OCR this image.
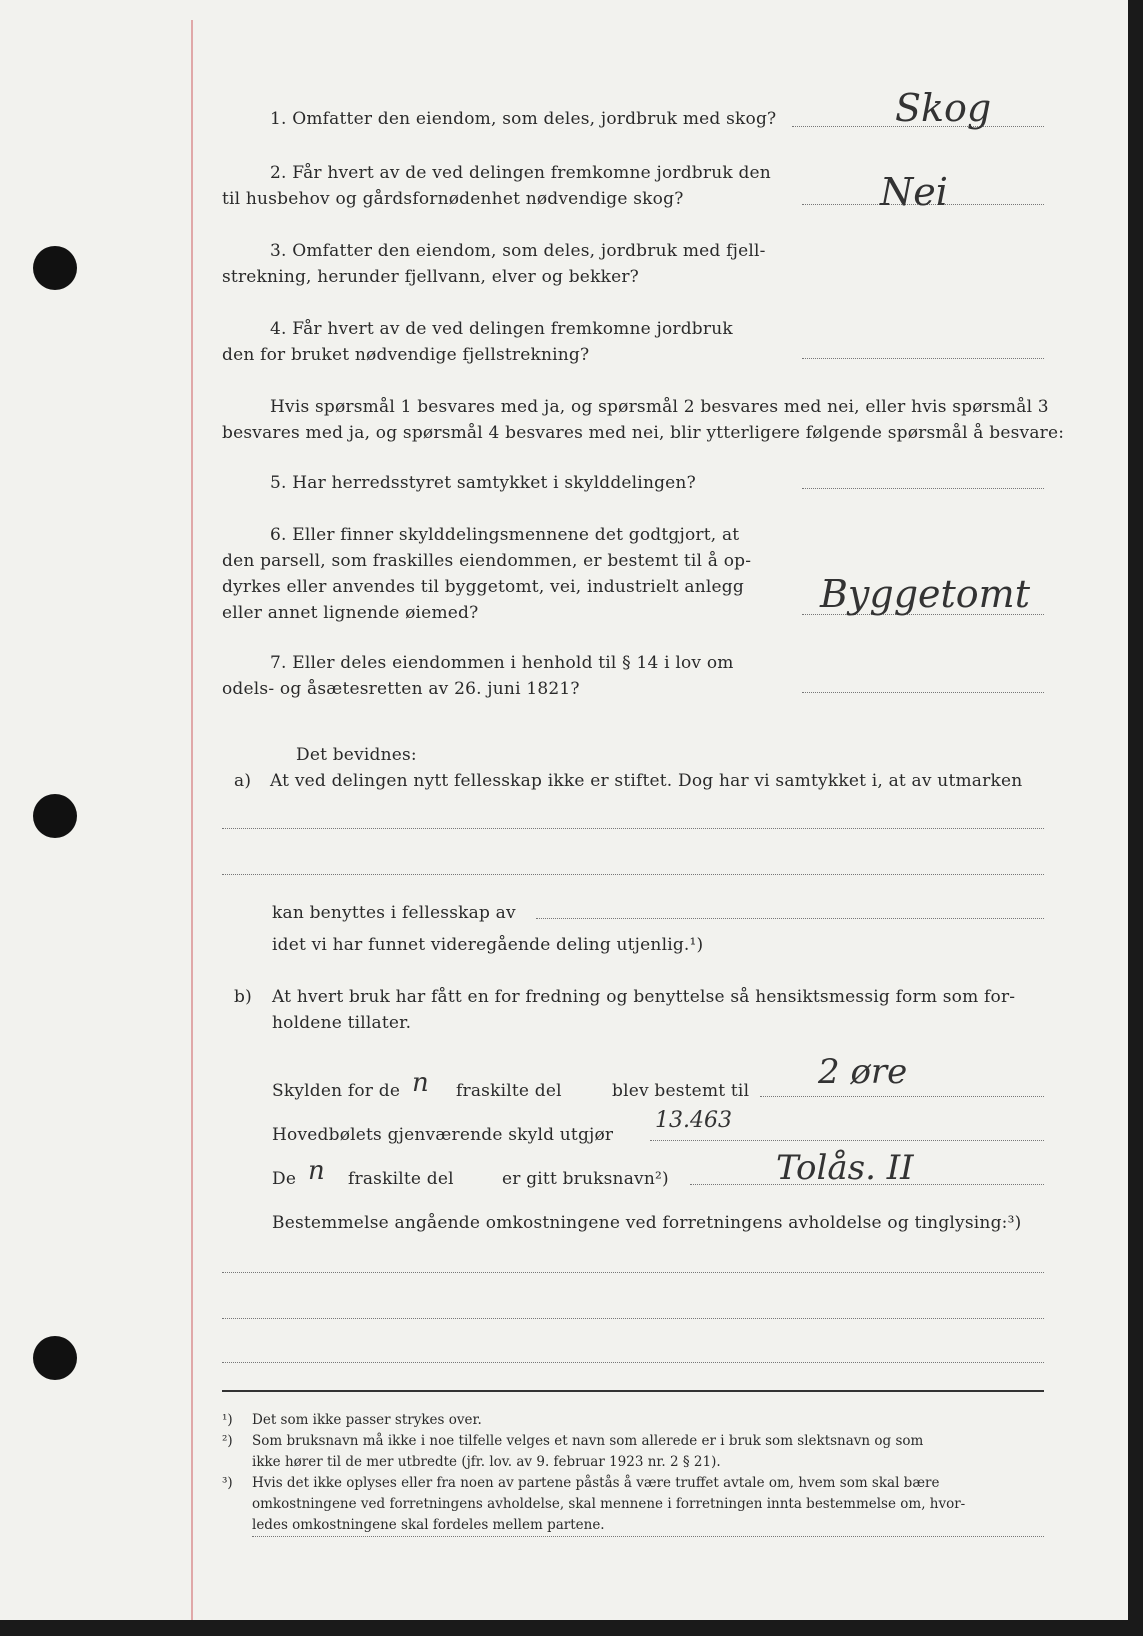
1. Omfatter den eiendom, som deles, jordbruk med skog?	Skog
2. Får hvert av de ved delingen fremkomne jordbruk den
til husbehov og gårdsfornødenhet nødvendige skog?	Nei
3. Omfatter den eiendom, som deles, jordbruk med fjell-
strekning, herunder fjellvann, elver og bekker?
4. Får hvert av de ved delingen fremkomne jordbruk
den for bruket nødvendige fjellstrekning?
Hvis spørsmål 1 besvares med ja, og spørsmål 2 besvares med nei, eller hvis spørsmål 3
besvares med ja, og spørsmål 4 besvares med nei, blir ytterligere følgende spørsmål å besvare:
5. Har herredsstyret samtykket i skylddelingen?
6. Eller finner skylddelingsmennene det godtgjort, at
den parsell, som fraskilles eiendommen, er bestemt til å op-
dyrkes eller anvendes til byggetomt, vei, industrielt anlegg
eller annet lignende øiemed?	Byggetomt
7. Eller deles eiendommen i henhold til § 14 i lov om
odels- og åsætesretten av 26. juni 1821?
Det bevidnes:
a) At ved delingen nytt fellesskap ikke er stiftet. Dog har vi samtykket i, at av utmarken
kan benyttes i fellesskap av
idet vi har funnet videregående deling utjenlig.¹)
b) At hvert bruk har fått en for fredning og benyttelse så hensiktsmessig form som for-
holdene tillater.
Skylden for de n fraskilte del	blev bestemt til 2 øre
Hovedbølets gjenværende skyld utgjør
13.463
De n fraskilte del	er gitt bruksnavn²)	Tolås. II
Bestemmelse angående omkostningene ved forretningens avholdelse og tinglysing:³)
¹) Det som ikke passer strykes over.
²) Som bruksnavn må ikke i noe tilfelle velges et navn som allerede er i bruk som slektsnavn og som
ikke hører til de mer utbredte (jfr. lov. av 9. februar 1923 nr. 2 § 21).
³) Hvis det ikke oplyses eller fra noen av partene påstås å være truffet avtale om, hvem som skal bære
omkostningene ved forretningens avholdelse, skal mennene i forretningen innta bestemmelse om, hvor-
ledes omkostningene skal fordeles mellem partene.
